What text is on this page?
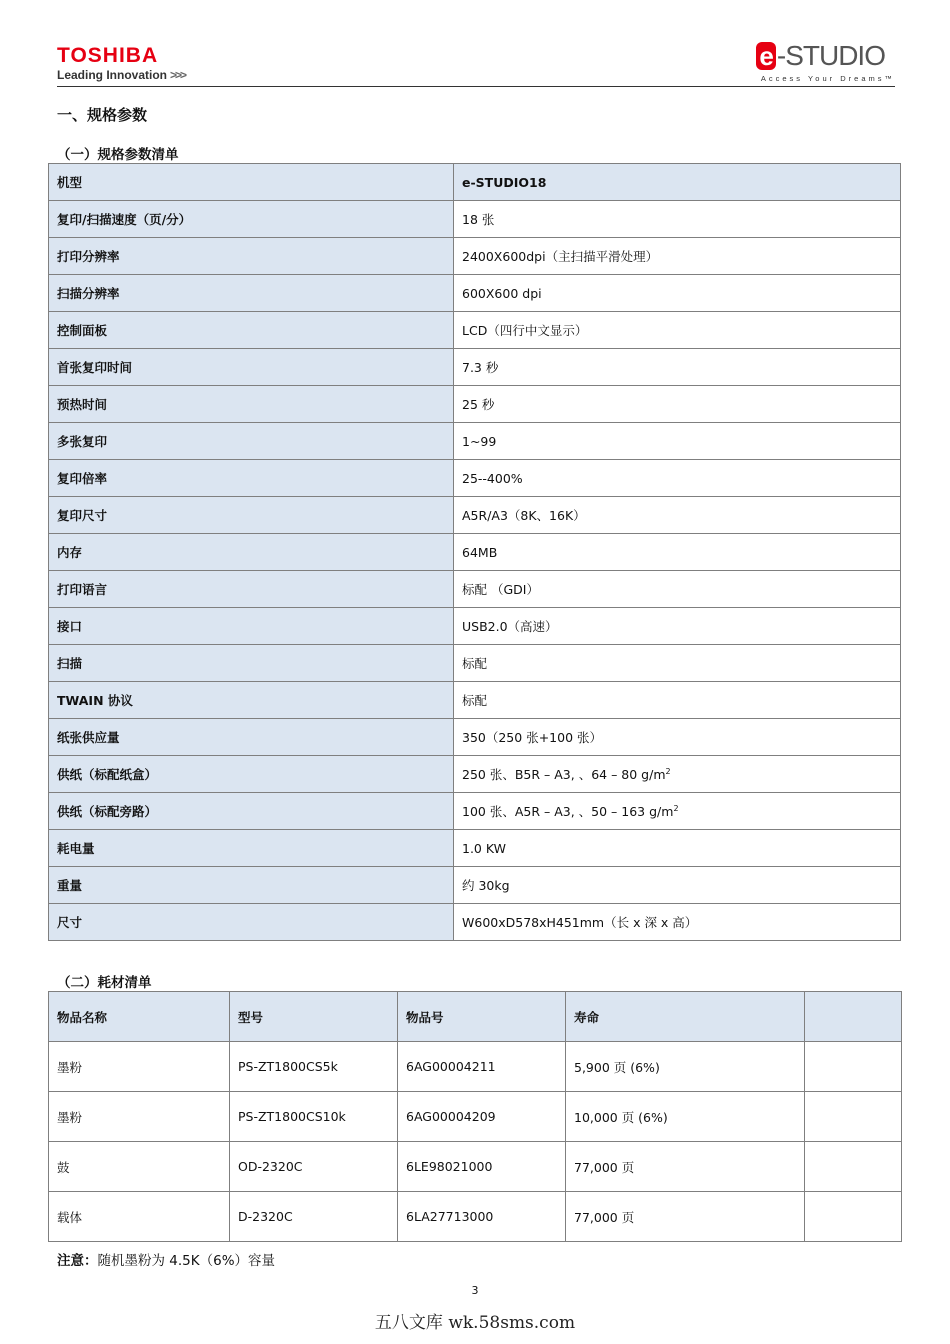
TOSHIBA
Leading Innovation >>>
e -STUDIO
Access Your Dreams™
一、规格参数
（一）规格参数清单
机型	e-STUDIO18
复印/扫描速度（页/分）	18 张
打印分辨率	2400X600dpi（主扫描平滑处理）
扫描分辨率	600X600 dpi
控制面板	LCD（四行中文显示）
首张复印时间	7.3 秒
预热时间	25 秒
多张复印	1~99
复印倍率	25--400%
复印尺寸	A5R/A3（8K、16K）
内存	64MB
打印语言	标配 （GDI）
接口	USB2.0（高速）
扫描	标配
TWAIN 协议	标配
纸张供应量	350（250 张+100 张）
供纸（标配纸盒）	250 张、B5R – A3, 、64 – 80 $g/m^2$
供纸（标配旁路）	100 张、A5R – A3, 、50 – 163 $g/m^2$
耗电量	1.0 KW
重量	约 30kg
尺寸	W600xD578xH451mm（长 x 深 x 高）
（二）耗材清单
物品名称	型号	物品号	寿命	
墨粉	PS-ZT1800CS5k	6AG00004211	5,900 页 (6%)	
墨粉	PS-ZT1800CS10k	6AG00004209	10,000 页 (6%)	
鼓	OD-2320C	6LE98021000	77,000 页	
载体	D-2320C	6LA27713000	77,000 页	
注意：随机墨粉为 4.5K（6%）容量
3
五八文库 wk.58sms.com
